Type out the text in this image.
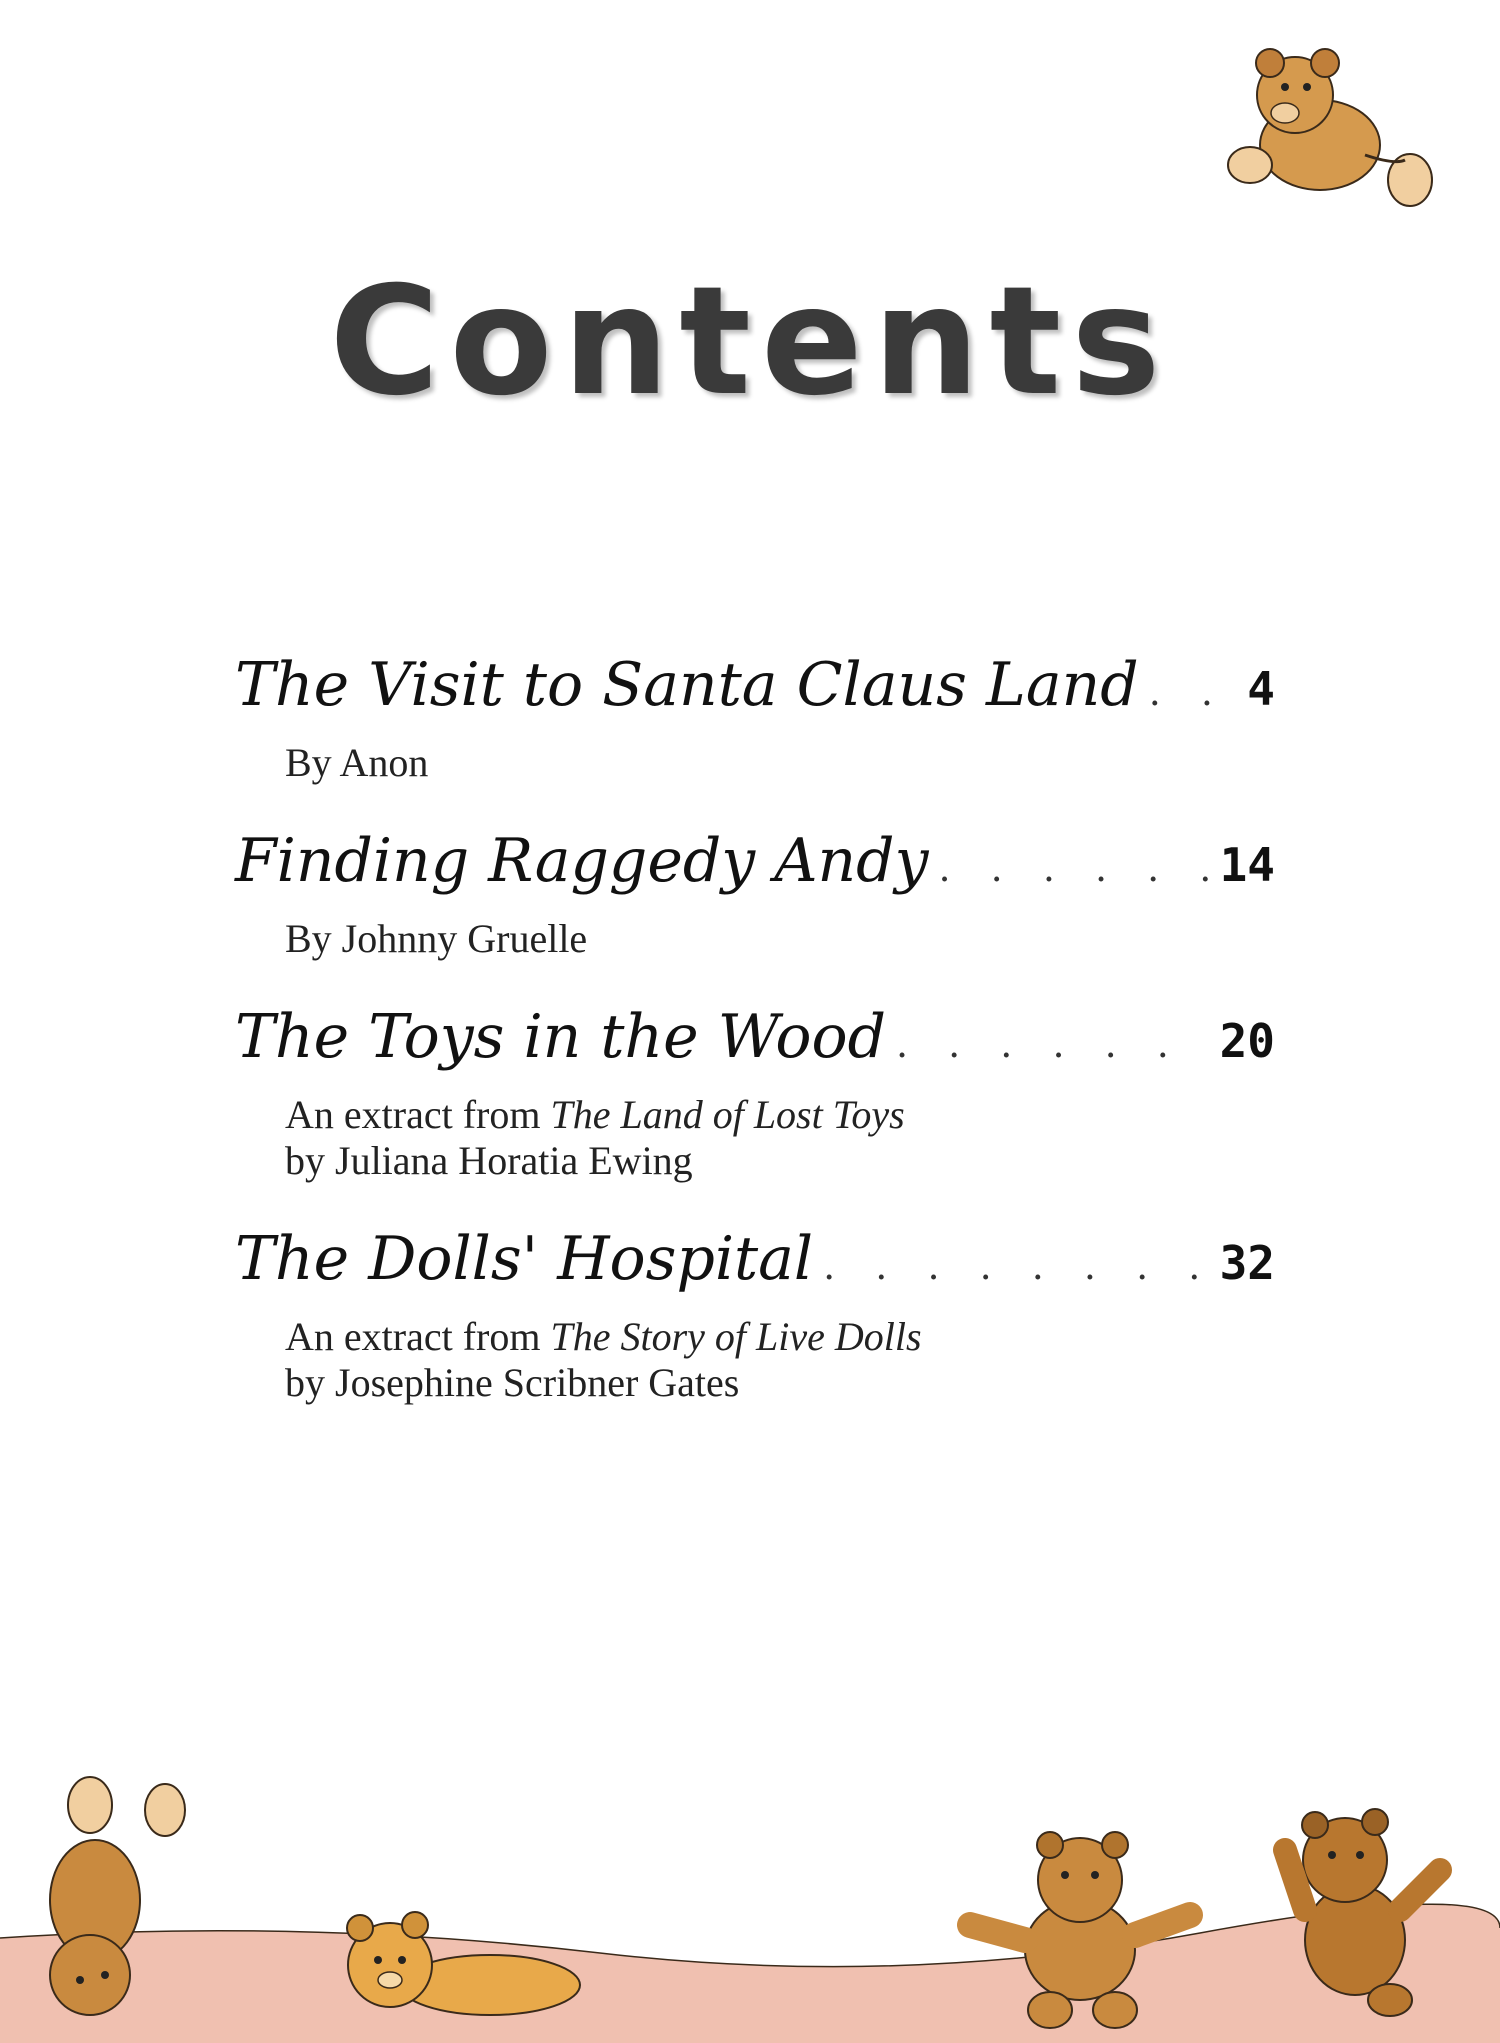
Contents
The Visit to Santa Claus Land . . . 4
By Anon
Finding Raggedy Andy . . .	14
By Johnny Gruelle
The Toys in the Wood . . .	20
An extract from The Land of Lost Toys
by Juliana Horatia Ewing
The Dolls' Hospital . . .	32
An extract from The Story of Live Dolls
by Josephine Scribner Gates
